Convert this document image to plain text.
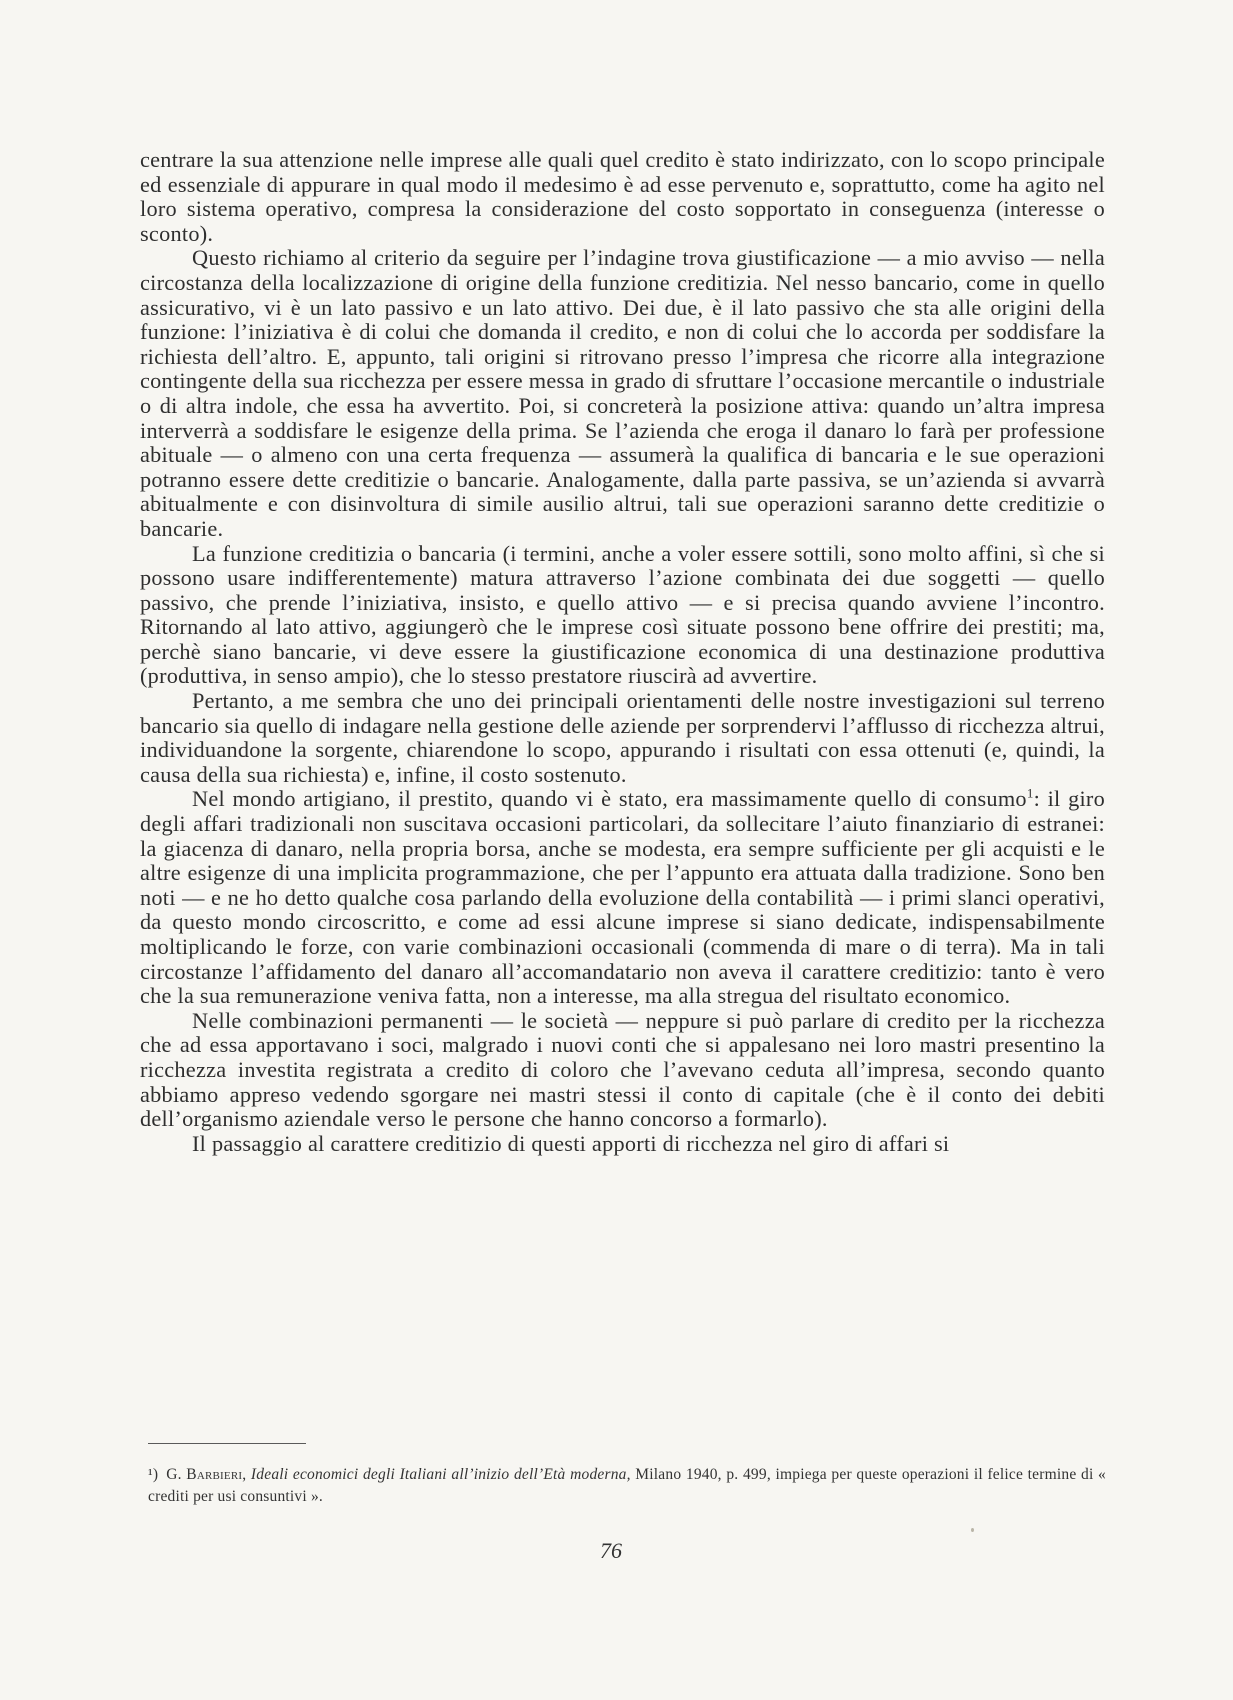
centrare la sua attenzione nelle imprese alle quali quel credito è stato indirizzato, con lo scopo principale ed essenziale di appurare in qual modo il medesimo è ad esse pervenuto e, soprattutto, come ha agito nel loro sistema operativo, compresa la considerazione del costo sopportato in conseguenza (interesse o sconto).

Questo richiamo al criterio da seguire per l’indagine trova giustificazione — a mio avviso — nella circostanza della localizzazione di origine della funzione creditizia. Nel nesso bancario, come in quello assicurativo, vi è un lato passivo e un lato attivo. Dei due, è il lato passivo che sta alle origini della funzione: l’iniziativa è di colui che domanda il credito, e non di colui che lo accorda per soddisfare la richiesta dell’altro. E, appunto, tali origini si ritrovano presso l’impresa che ricorre alla integrazione contingente della sua ricchezza per essere messa in grado di sfruttare l’occasione mercantile o industriale o di altra indole, che essa ha avvertito. Poi, si concreterà la posizione attiva: quando un’altra impresa interverrà a soddisfare le esigenze della prima. Se l’azienda che eroga il danaro lo farà per professione abituale — o almeno con una certa frequenza — assumerà la qualifica di bancaria e le sue operazioni potranno essere dette creditizie o bancarie. Analogamente, dalla parte passiva, se un’azienda si avvarrà abitualmente e con disinvoltura di simile ausilio altrui, tali sue operazioni saranno dette creditizie o bancarie.

La funzione creditizia o bancaria (i termini, anche a voler essere sottili, sono molto affini, sì che si possono usare indifferentemente) matura attraverso l’azione combinata dei due soggetti — quello passivo, che prende l’iniziativa, insisto, e quello attivo — e si precisa quando avviene l’incontro. Ritornando al lato attivo, aggiungerò che le imprese così situate possono bene offrire dei prestiti; ma, perchè siano bancarie, vi deve essere la giustificazione economica di una destinazione produttiva (produttiva, in senso ampio), che lo stesso prestatore riuscirà ad avvertire.

Pertanto, a me sembra che uno dei principali orientamenti delle nostre investigazioni sul terreno bancario sia quello di indagare nella gestione delle aziende per sorprendervi l’afflusso di ricchezza altrui, individuandone la sorgente, chiarendone lo scopo, appurando i risultati con essa ottenuti (e, quindi, la causa della sua richiesta) e, infine, il costo sostenuto.

Nel mondo artigiano, il prestito, quando vi è stato, era massimamente quello di consumo$^1$: il giro degli affari tradizionali non suscitava occasioni particolari, da sollecitare l’aiuto finanziario di estranei: la giacenza di danaro, nella propria borsa, anche se modesta, era sempre sufficiente per gli acquisti e le altre esigenze di una implicita programmazione, che per l’appunto era attuata dalla tradizione. Sono ben noti — e ne ho detto qualche cosa parlando della evoluzione della contabilità — i primi slanci operativi, da questo mondo circoscritto, e come ad essi alcune imprese si siano dedicate, indispensabilmente moltiplicando le forze, con varie combinazioni occasionali (commenda di mare o di terra). Ma in tali circostanze l’affidamento del danaro all’accomandatario non aveva il carattere creditizio: tanto è vero che la sua remunerazione veniva fatta, non a interesse, ma alla stregua del risultato economico.

Nelle combinazioni permanenti — le società — neppure si può parlare di credito per la ricchezza che ad essa apportavano i soci, malgrado i nuovi conti che si appalesano nei loro mastri presentino la ricchezza investita registrata a credito di coloro che l’avevano ceduta all’impresa, secondo quanto abbiamo appreso vedendo sgorgare nei mastri stessi il conto di capitale (che è il conto dei debiti dell’organismo aziendale verso le persone che hanno concorso a formarlo).

Il passaggio al carattere creditizio di questi apporti di ricchezza nel giro di affari si

¹) G. Barbieri, Ideali economici degli Italiani all’inizio dell’Età moderna, Milano 1940, p. 499, impiega per queste operazioni il felice termine di « crediti per usi consuntivi ».
76
